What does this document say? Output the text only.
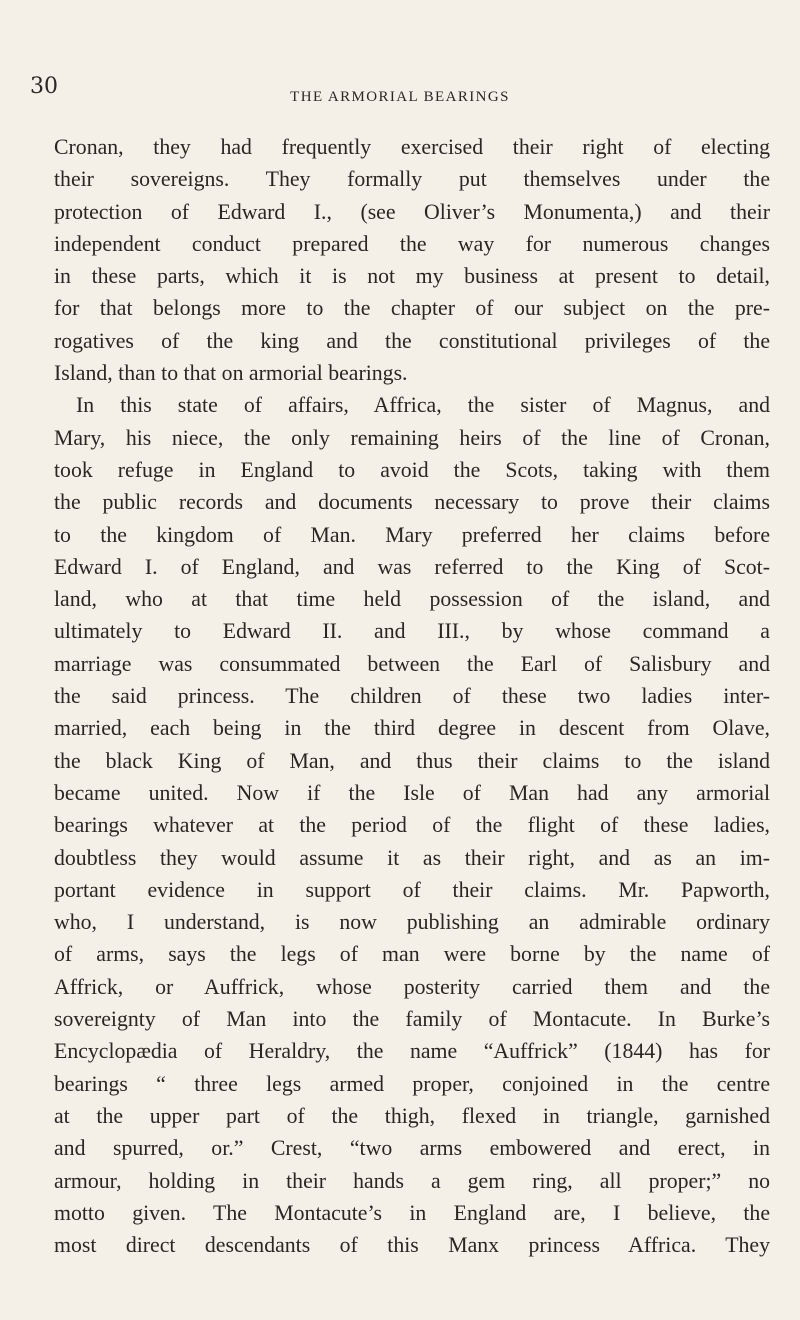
30	THE ARMORIAL BEARINGS
Cronan, they had frequently exercised their right of electing
their sovereigns. They formally put themselves under the
protection of Edward I., (see Oliver’s Monumenta,) and their
independent conduct prepared the way for numerous changes
in these parts, which it is not my business at present to detail,
for that belongs more to the chapter of our subject on the pre-
rogatives of the king and the constitutional privileges of the
Island, than to that on armorial bearings.
In this state of affairs, Affrica, the sister of Magnus, and
Mary, his niece, the only remaining heirs of the line of Cronan,
took refuge in England to avoid the Scots, taking with them
the public records and documents necessary to prove their claims
to the kingdom of Man. Mary preferred her claims before
Edward I. of England, and was referred to the King of Scot-
land, who at that time held possession of the island, and
ultimately to Edward II. and III., by whose command a
marriage was consummated between the Earl of Salisbury and
the said princess. The children of these two ladies inter-
married, each being in the third degree in descent from Olave,
the black King of Man, and thus their claims to the island
became united. Now if the Isle of Man had any armorial
bearings whatever at the period of the flight of these ladies,
doubtless they would assume it as their right, and as an im-
portant evidence in support of their claims. Mr. Papworth,
who, I understand, is now publishing an admirable ordinary
of arms, says the legs of man were borne by the name of
Affrick, or Auffrick, whose posterity carried them and the
sovereignty of Man into the family of Montacute. In Burke’s
Encyclopædia of Heraldry, the name “Auffrick” (1844) has for
bearings “ three legs armed proper, conjoined in the centre
at the upper part of the thigh, flexed in triangle, garnished
and spurred, or.” Crest, “two arms embowered and erect, in
armour, holding in their hands a gem ring, all proper;” no
motto given. The Montacute’s in England are, I believe, the
most direct descendants of this Manx princess Affrica. They
